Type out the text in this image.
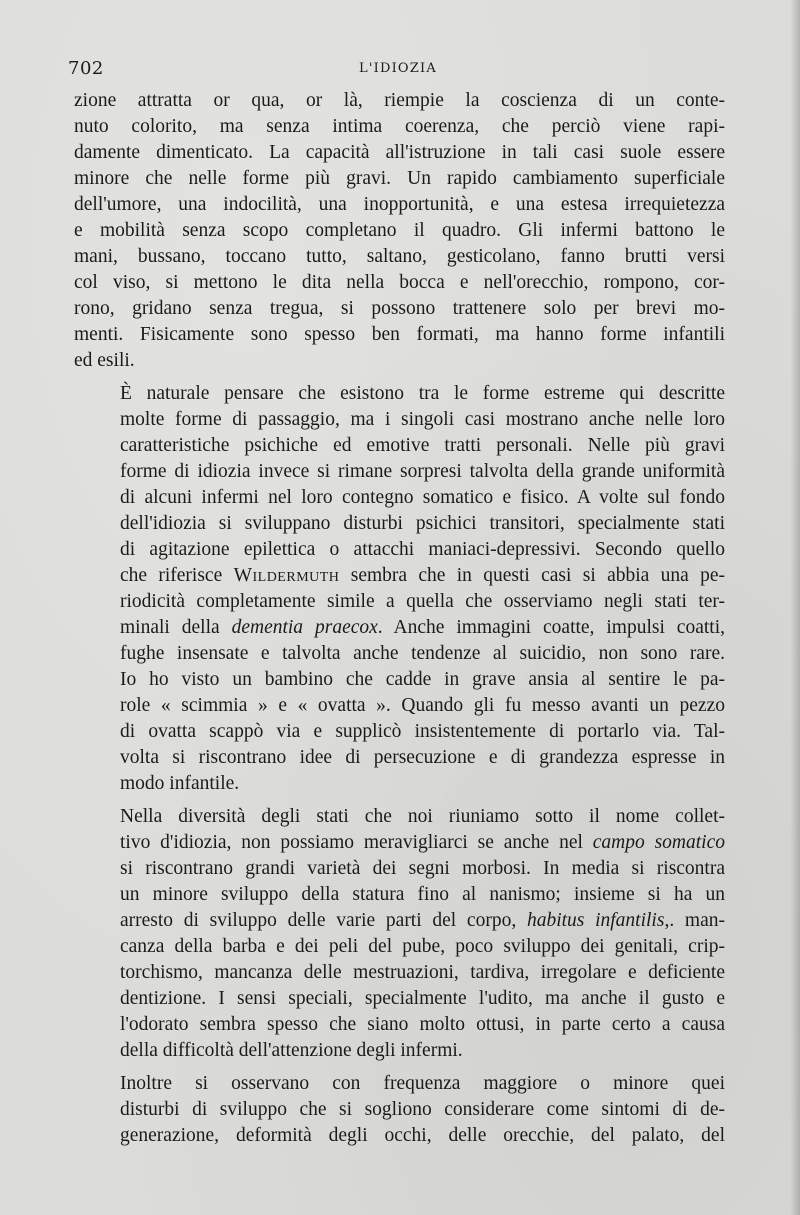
702	L'IDIOZIA

zione attratta or qua, or là, riempie la coscienza di un conte-
nuto colorito, ma senza intima coerenza, che perciò viene rapi-
damente dimenticato. La capacità all'istruzione in tali casi suole essere
minore che nelle forme più gravi. Un rapido cambiamento superficiale
dell'umore, una indocilità, una inopportunità, e una estesa irrequietezza
e mobilità senza scopo completano il quadro. Gli infermi battono le
mani, bussano, toccano tutto, saltano, gesticolano, fanno brutti versi
col viso, si mettono le dita nella bocca e nell'orecchio, rompono, cor-
rono, gridano senza tregua, si possono trattenere solo per brevi mo-
menti. Fisicamente sono spesso ben formati, ma hanno forme infantili
ed esili.

È naturale pensare che esistono tra le forme estreme qui descritte
molte forme di passaggio, ma i singoli casi mostrano anche nelle loro
caratteristiche psichiche ed emotive tratti personali. Nelle più gravi
forme di idiozia invece si rimane sorpresi talvolta della grande uniformità
di alcuni infermi nel loro contegno somatico e fisico. A volte sul fondo
dell'idiozia si sviluppano disturbi psichici transitori, specialmente stati
di agitazione epilettica o attacchi maniaci-depressivi. Secondo quello
che riferisce Wildermuth sembra che in questi casi si abbia una pe-
riodicità completamente simile a quella che osserviamo negli stati ter-
minali della dementia praecox. Anche immagini coatte, impulsi coatti,
fughe insensate e talvolta anche tendenze al suicidio, non sono rare.
Io ho visto un bambino che cadde in grave ansia al sentire le pa-
role « scimmia » e « ovatta ». Quando gli fu messo avanti un pezzo
di ovatta scappò via e supplicò insistentemente di portarlo via. Tal-
volta si riscontrano idee di persecuzione e di grandezza espresse in
modo infantile.

Nella diversità degli stati che noi riuniamo sotto il nome collet-
tivo d'idiozia, non possiamo meravigliarci se anche nel campo somatico
si riscontrano grandi varietà dei segni morbosi. In media si riscontra
un minore sviluppo della statura fino al nanismo; insieme si ha un
arresto di sviluppo delle varie parti del corpo, habitus infantilis,. man-
canza della barba e dei peli del pube, poco sviluppo dei genitali, crip-
torchismo, mancanza delle mestruazioni, tardiva, irregolare e deficiente
dentizione. I sensi speciali, specialmente l'udito, ma anche il gusto e
l'odorato sembra spesso che siano molto ottusi, in parte certo a causa
della difficoltà dell'attenzione degli infermi.

Inoltre si osservano con frequenza maggiore o minore quei
disturbi di sviluppo che si sogliono considerare come sintomi di de-
generazione, deformità degli occhi, delle orecchie, del palato, del
